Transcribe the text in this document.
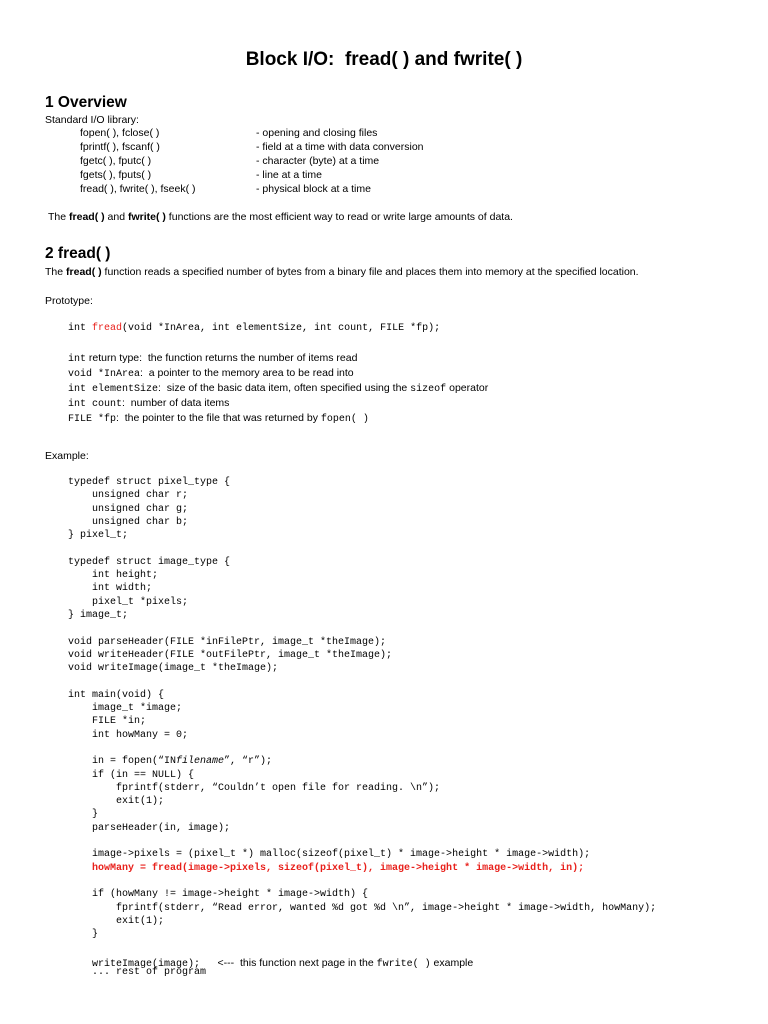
Block I/O:  fread( ) and fwrite( )
1 Overview
Standard I/O library:
fopen( ), fclose( )	- opening and closing files
fprintf( ), fscanf( )	- field at a time with data conversion
fgetc( ), fputc( )	- character (byte) at a time
fgets( ), fputs( )	- line at a time
fread( ), fwrite( ), fseek( )	- physical block at a time
The fread( ) and fwrite( ) functions are the most efficient way to read or write large amounts of data.
2 fread( )
The fread( ) function reads a specified number of bytes from a binary file and places them into memory at the specified location.
Prototype:
int fread(void *InArea, int elementSize, int count, FILE *fp);
int return type:  the function returns the number of items read
void *InArea:  a pointer to the memory area to be read into
int elementSize:  size of the basic data item, often specified using the sizeof operator
int count:  number of data items
FILE *fp:  the pointer to the file that was returned by fopen( )
Example:
typedef struct pixel_type {
unsigned char r;
unsigned char g;
unsigned char b;
} pixel_t;
typedef struct image_type {
int height;
int width;
pixel_t *pixels;
} image_t;
void parseHeader(FILE *inFilePtr, image_t *theImage);
void writeHeader(FILE *outFilePtr, image_t *theImage);
void writeImage(image_t *theImage);
int main(void) {
image_t *image;
FILE *in;
int howMany = 0;
in = fopen(“INfilename”, “r”);
if (in == NULL) {
fprintf(stderr, “Couldn’t open file for reading. \n”);
exit(1);
}
parseHeader(in, image);
image->pixels = (pixel_t *) malloc(sizeof(pixel_t) * image->height * image->width);
howMany = fread(image->pixels, sizeof(pixel_t), image->height * image->width, in);
if (howMany != image->height * image->width) {
fprintf(stderr, “Read error, wanted %d got %d \n”, image->height * image->width, howMany);
exit(1);
}
writeImage(image); <---  this function next page in the fwrite( ) example
... rest of program
